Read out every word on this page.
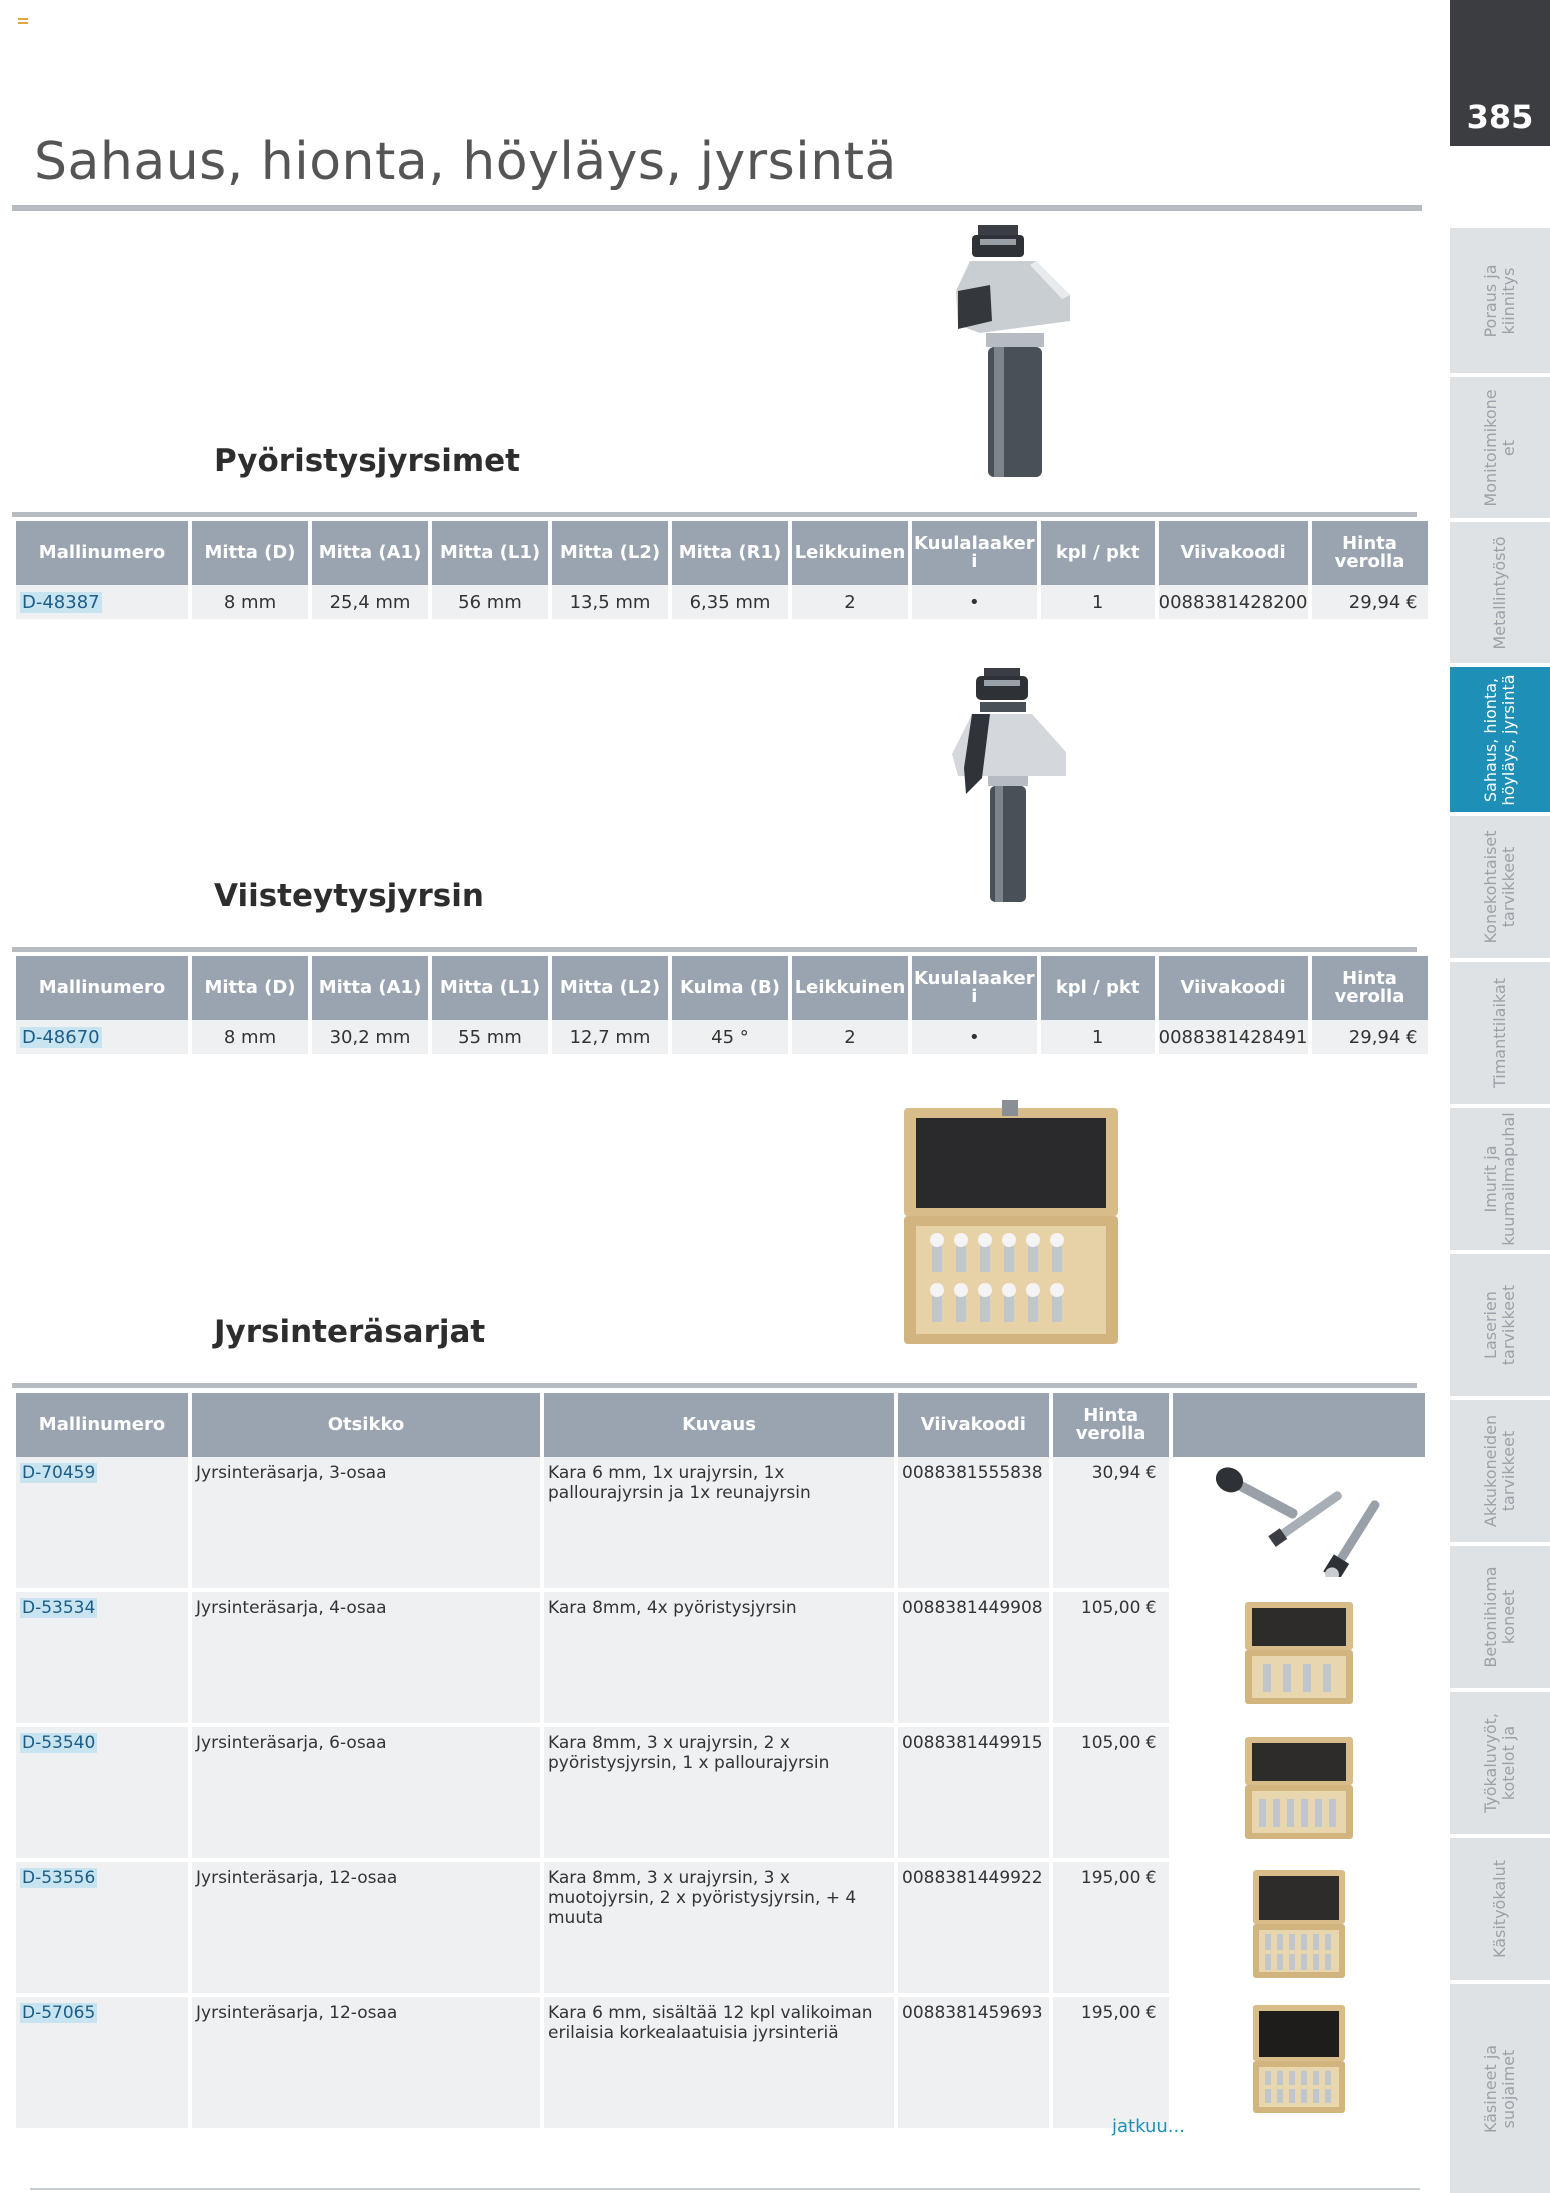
Sahaus, hionta, höyläys, jyrsintä
385
Poraus ja
kiinnitys
Monitoimikone
et
Metallintyöstö
Sahaus, hionta,
höyläys, jyrsintä
Konekohtaiset
tarvikkeet
Timanttilaikat
Imurit ja
kuumailmapuhal
Laserien
tarvikkeet
Akkukoneiden
tarvikkeet
Betonihioma
koneet
Työkaluvyöt,
kotelot ja
Käsityökalut
Käsineet ja
suojaimet
Pyöristysjyrsimet
Mallinumero	Mitta (D)	Mitta (A1)	Mitta (L1)	Mitta (L2)	Mitta (R1)	Leikkuinen	Kuulalaaker
i	kpl / pkt	Viivakoodi	Hinta
verolla
D-48387	8 mm	25,4 mm	56 mm	13,5 mm	6,35 mm	2	•	1	0088381428200	29,94 €
Viisteytysjyrsin
Mallinumero	Mitta (D)	Mitta (A1)	Mitta (L1)	Mitta (L2)	Kulma (B)	Leikkuinen	Kuulalaaker
i	kpl / pkt	Viivakoodi	Hinta
verolla
D-48670	8 mm	30,2 mm	55 mm	12,7 mm	45 °	2	•	1	0088381428491	29,94 €
Jyrsinteräsarjat
Mallinumero	Otsikko	Kuvaus	Viivakoodi	Hinta
verolla	
D-70459	Jyrsinteräsarja, 3-osaa	Kara 6 mm, 1x urajyrsin, 1x pallourajyrsin ja 1x reunajyrsin	0088381555838	30,94 €	

D-53534	Jyrsinteräsarja, 4-osaa	Kara 8mm, 4x pyöristysjyrsin	0088381449908	105,00 €	

D-53540	Jyrsinteräsarja, 6-osaa	Kara 8mm, 3 x urajyrsin, 2 x pyöristysjyrsin, 1 x pallourajyrsin	0088381449915	105,00 €	

D-53556	Jyrsinteräsarja, 12-osaa	Kara 8mm, 3 x urajyrsin, 3 x muotojyrsin, 2 x pyöristysjyrsin, + 4 muuta	0088381449922	195,00 €	

D-57065	Jyrsinteräsarja, 12-osaa	Kara 6 mm, sisältää 12 kpl valikoiman erilaisia korkealaatuisia jyrsinteriä	0088381459693	195,00 €	
jatkuu...
